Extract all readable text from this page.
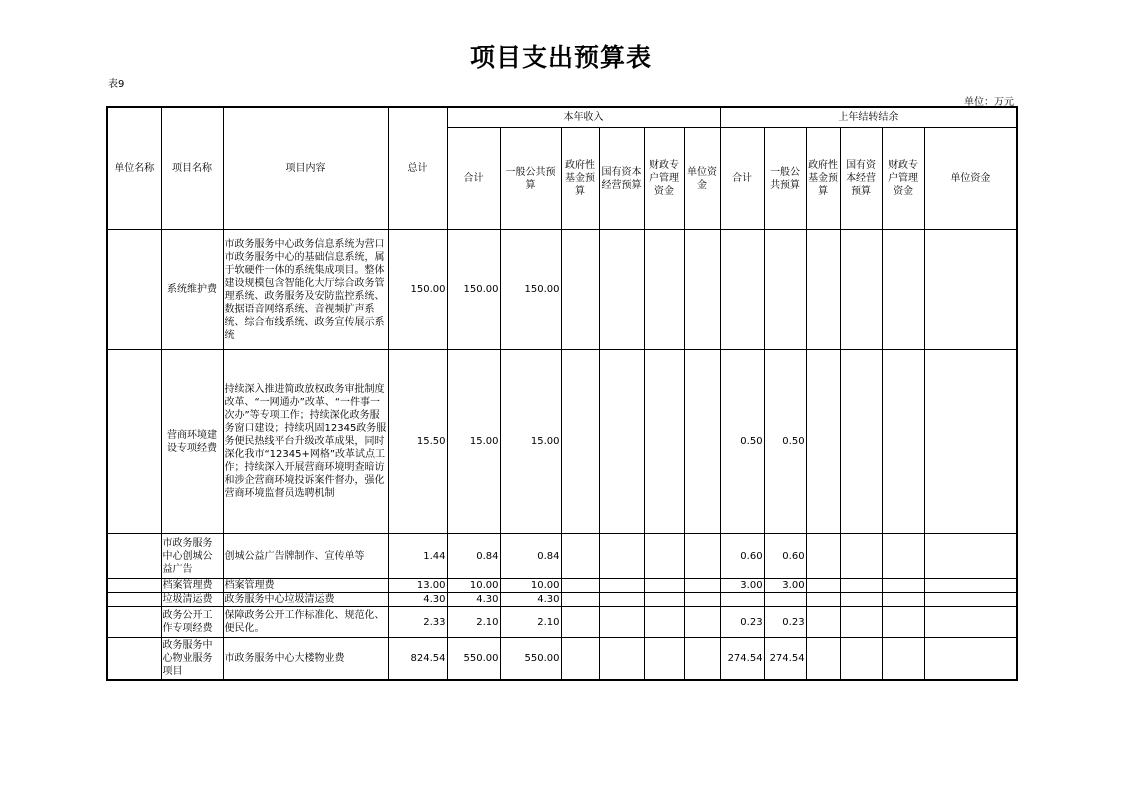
项目支出预算表
表9
单位：万元
单位名称	项目名称	项目内容	总计	本年收入						上年结转结余					
				合计	一般公共预算	政府性基金预算	国有资本经营预算	财政专户管理资金	单位资金	合计	一般公共预算	政府性基金预算	国有资本经营预算	财政专户管理资金	单位资金
	系统维护费	市政务服务中心政务信息系统为营口市政务服务中心的基础信息系统，属于软硬件一体的系统集成项目。整体建设规模包含智能化大厅综合政务管理系统、政务服务及安防监控系统、数据语音网络系统、音视频扩声系统、综合布线系统、政务宣传展示系统	150.00	150.00	150.00										
	营商环境建设专项经费	持续深入推进简政放权政务审批制度改革、“一网通办”改革、“一件事一次办”等专项工作；持续深化政务服务窗口建设；持续巩固12345政务服务便民热线平台升级改革成果，同时深化我市“12345+网格”改革试点工作；持续深入开展营商环境明查暗访和涉企营商环境投诉案件督办，强化营商环境监督员选聘机制	15.50	15.00	15.00					0.50	0.50				
	市政务服务中心创城公益广告	创城公益广告牌制作、宣传单等	1.44	0.84	0.84					0.60	0.60				
	档案管理费	档案管理费	13.00	10.00	10.00					3.00	3.00				
	垃圾清运费	政务服务中心垃圾清运费	4.30	4.30	4.30										
	政务公开工作专项经费	保障政务公开工作标准化、规范化、便民化。	2.33	2.10	2.10					0.23	0.23				
	政务服务中心物业服务项目	市政务服务中心大楼物业费	824.54	550.00	550.00					274.54	274.54				
